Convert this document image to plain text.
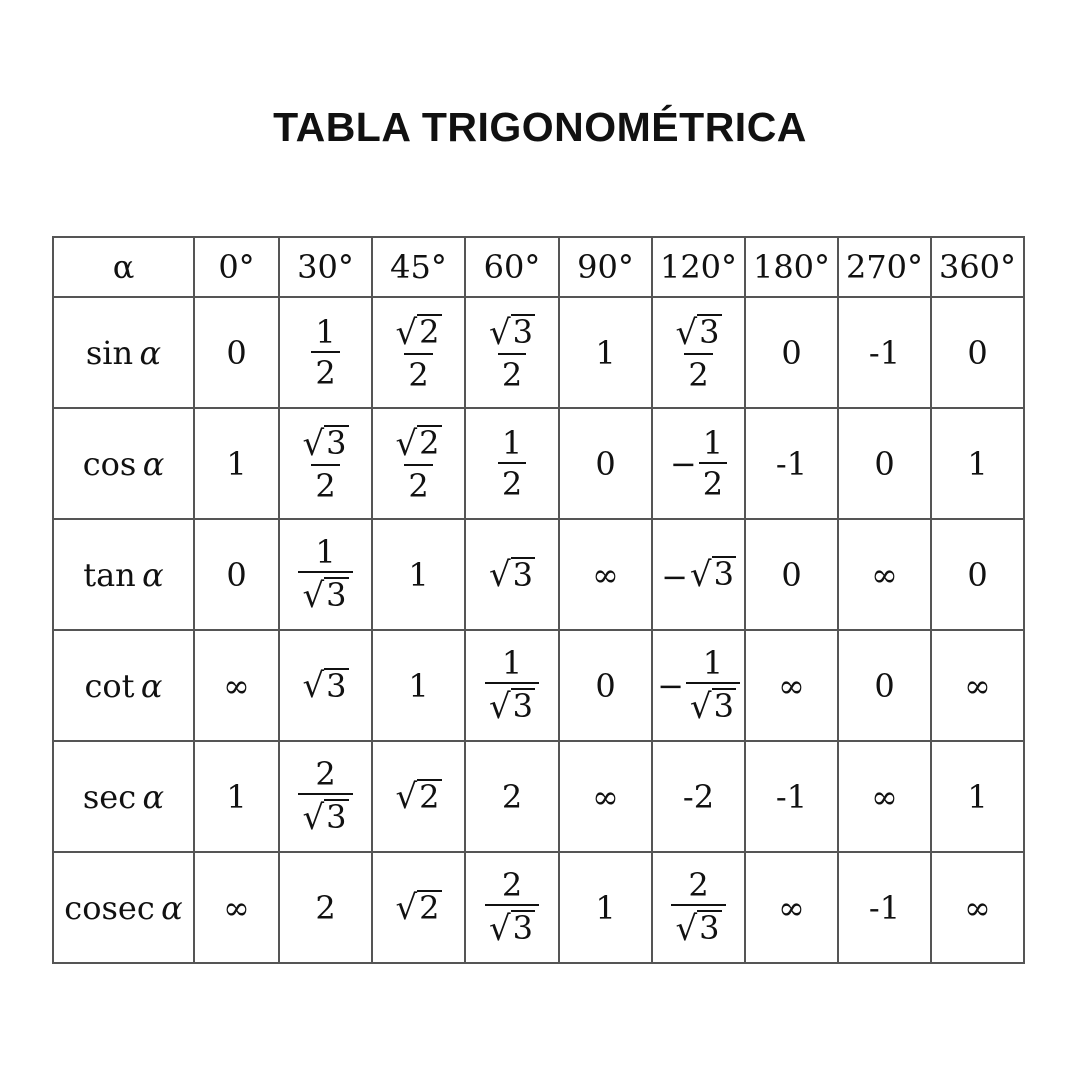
TABLA TRIGONOMÉTRICA
α	0°	30°	45°	60°	90°	120°	180°	270°	360°
sin  α	0	$\frac{1}{2}$	$\frac{√ 2}{2}$	$\frac{√ 3}{2}$	1	$\frac{√ 3}{2}$	0	-1	0
cos  α	1	$\frac{√ 3}{2}$	$\frac{√ 2}{2}$	$\frac{1}{2}$	0	− $\frac{1}{2}$	-1	0	1
tan  α	0	$\frac{1}{√ 3}$	1	√ 3	∞	− √ 3	0	∞	0
cot  α	∞	√ 3	1	$\frac{1}{√ 3}$	0	− $\frac{1}{√ 3}$	∞	0	∞
sec  α	1	$\frac{2}{√ 3}$	√ 2	2	∞	-2	-1	∞	1
cosec  α	∞	2	√ 2	$\frac{2}{√ 3}$	1	$\frac{2}{√ 3}$	∞	-1	∞
